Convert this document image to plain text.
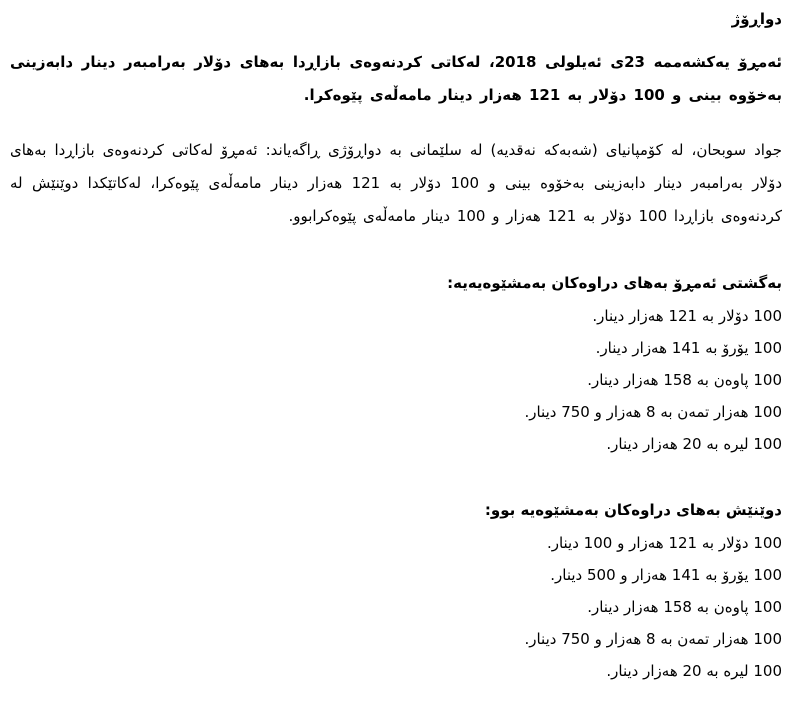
دواڕۆژ

ئەمڕۆ یەکشەممە 23ی ئەیلولی 2018، لەکاتی کردنەوەی بازاڕدا بەهای دۆلار بەرامبەر دینار دابەزینی بەخۆوە بینی و 100 دۆلار بە 121 هەزار دینار مامەڵەی پێوەکرا.

جواد سوبحان، لە کۆمپانیای (شەبەکە نەقدیە) لە سلێمانی بە دواڕۆژی ڕاگەیاند: ئەمڕۆ لەکاتی کردنەوەی بازاڕدا بەهای دۆلار بەرامبەر دینار دابەزینی بەخۆوە بینی و 100 دۆلار بە 121 هەزار دینار مامەڵەی پێوەکرا، لەکاتێکدا دوێنێش لە کردنەوەی بازاڕدا 100 دۆلار بە 121 هەزار و 100 دینار مامەڵەی پێوەکرابوو.

بەگشتی ئەمڕۆ بەهای دراوەکان بەمشێوەیەیە:
100 دۆلار بە 121 هەزار دینار.
100 یۆرۆ بە 141 هەزار دینار.
100 پاوەن بە 158 هەزار دینار.
100 هەزار تمەن بە 8 هەزار و 750 دینار.
100 لیرە بە 20 هەزار دینار.
دوێنێش بەهای دراوەکان بەمشێوەیە بوو:
100 دۆلار بە 121 هەزار و 100 دینار.
100 یۆرۆ بە 141 هەزار و 500 دینار.
100 پاوەن بە 158 هەزار دینار.
100 هەزار تمەن بە 8 هەزار و 750 دینار.
100 لیرە بە 20 هەزار دینار.
